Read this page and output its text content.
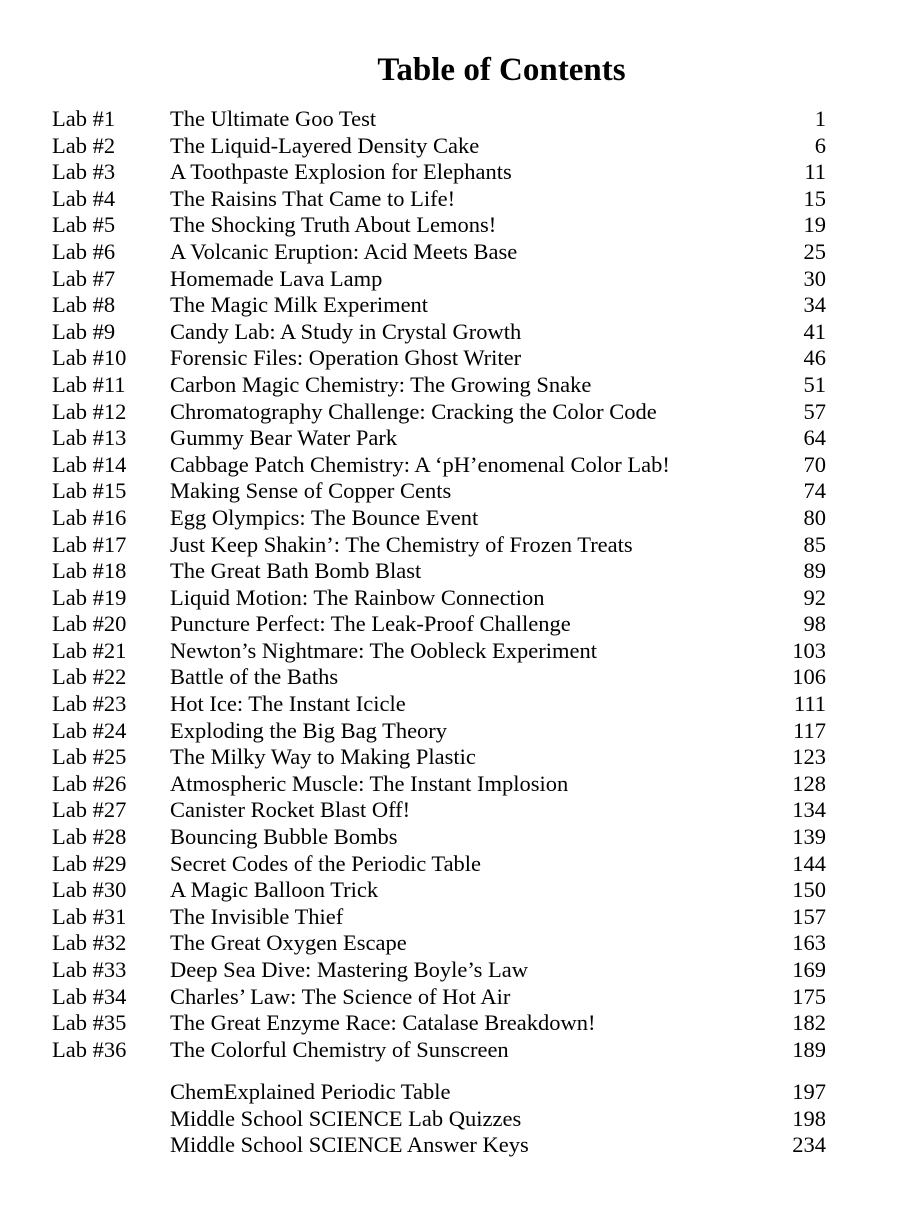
Table of Contents
Lab #1 The Ultimate Goo Test	1
Lab #2 The Liquid-Layered Density Cake	6
Lab #3 A Toothpaste Explosion for Elephants	11
Lab #4 The Raisins That Came to Life!	15
Lab #5 The Shocking Truth About Lemons!	19
Lab #6 A Volcanic Eruption: Acid Meets Base	25
Lab #7 Homemade Lava Lamp	30
Lab #8 The Magic Milk Experiment	34
Lab #9 Candy Lab: A Study in Crystal Growth	41
Lab #10 Forensic Files: Operation Ghost Writer	46
Lab #11 Carbon Magic Chemistry: The Growing Snake	51
Lab #12 Chromatography Challenge: Cracking the Color Code	57
Lab #13 Gummy Bear Water Park	64
Lab #14 Cabbage Patch Chemistry: A ‘pH’enomenal Color Lab!	70
Lab #15 Making Sense of Copper Cents	74
Lab #16 Egg Olympics: The Bounce Event	80
Lab #17 Just Keep Shakin’: The Chemistry of Frozen Treats	85
Lab #18 The Great Bath Bomb Blast	89
Lab #19 Liquid Motion: The Rainbow Connection	92
Lab #20 Puncture Perfect: The Leak-Proof Challenge	98
Lab #21 Newton’s Nightmare: The Oobleck Experiment	103
Lab #22 Battle of the Baths	106
Lab #23 Hot Ice: The Instant Icicle	111
Lab #24 Exploding the Big Bag Theory	117
Lab #25 The Milky Way to Making Plastic	123
Lab #26 Atmospheric Muscle: The Instant Implosion	128
Lab #27 Canister Rocket Blast Off!	134
Lab #28 Bouncing Bubble Bombs	139
Lab #29 Secret Codes of the Periodic Table	144
Lab #30 A Magic Balloon Trick	150
Lab #31 The Invisible Thief	157
Lab #32 The Great Oxygen Escape	163
Lab #33 Deep Sea Dive: Mastering Boyle’s Law	169
Lab #34 Charles’ Law: The Science of Hot Air	175
Lab #35 The Great Enzyme Race: Catalase Breakdown!	182
Lab #36 The Colorful Chemistry of Sunscreen	189
ChemExplained Periodic Table	197
Middle School SCIENCE Lab Quizzes	198
Middle School SCIENCE Answer Keys	234
